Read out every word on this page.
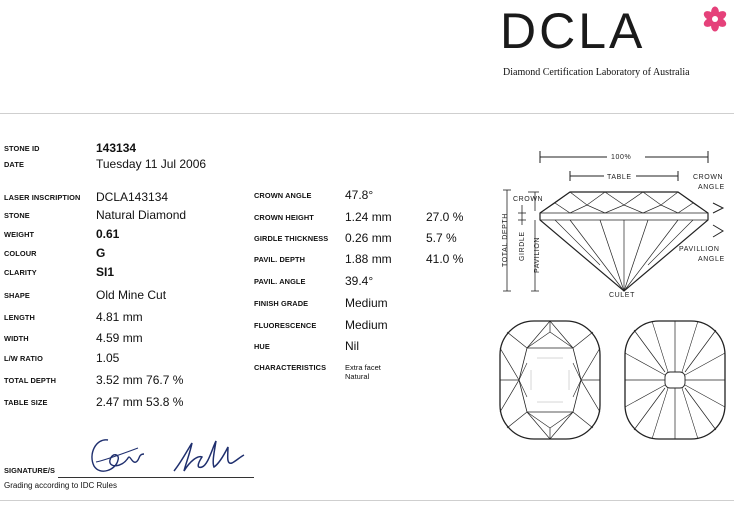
DCLA
Diamond Certification Laboratory of Australia
STONE ID	143134
DATE	Tuesday 11 Jul 2006
LASER INSCRIPTION DCLA143134
STONE	Natural Diamond
WEIGHT	0.61
COLOUR	G
CLARITY	SI1
SHAPE	Old Mine Cut
LENGTH	4.81 mm
WIDTH	4.59 mm
L/W RATIO	1.05
TOTAL DEPTH	3.52 mm 76.7 %
TABLE SIZE	2.47 mm 53.8 %
CROWN ANGLE	47.8°
CROWN HEIGHT	1.24 mm	27.0 %
GIRDLE THICKNESS 0.26 mm	5.7 %
PAVIL. DEPTH	1.88 mm	41.0 %
PAVIL. ANGLE	39.4°
FINISH GRADE	Medium
FLUORESCENCE Medium
HUE	Nil
CHARACTERISTICS	Extra facet
Natural
100%
TABLE	CROWN
ANGLE
CROWN
TOTAL DEPTH GIRDLE PAVILION	PAVILLION
ANGLE
CULET
SIGNATURE/S
Grading according to IDC Rules
